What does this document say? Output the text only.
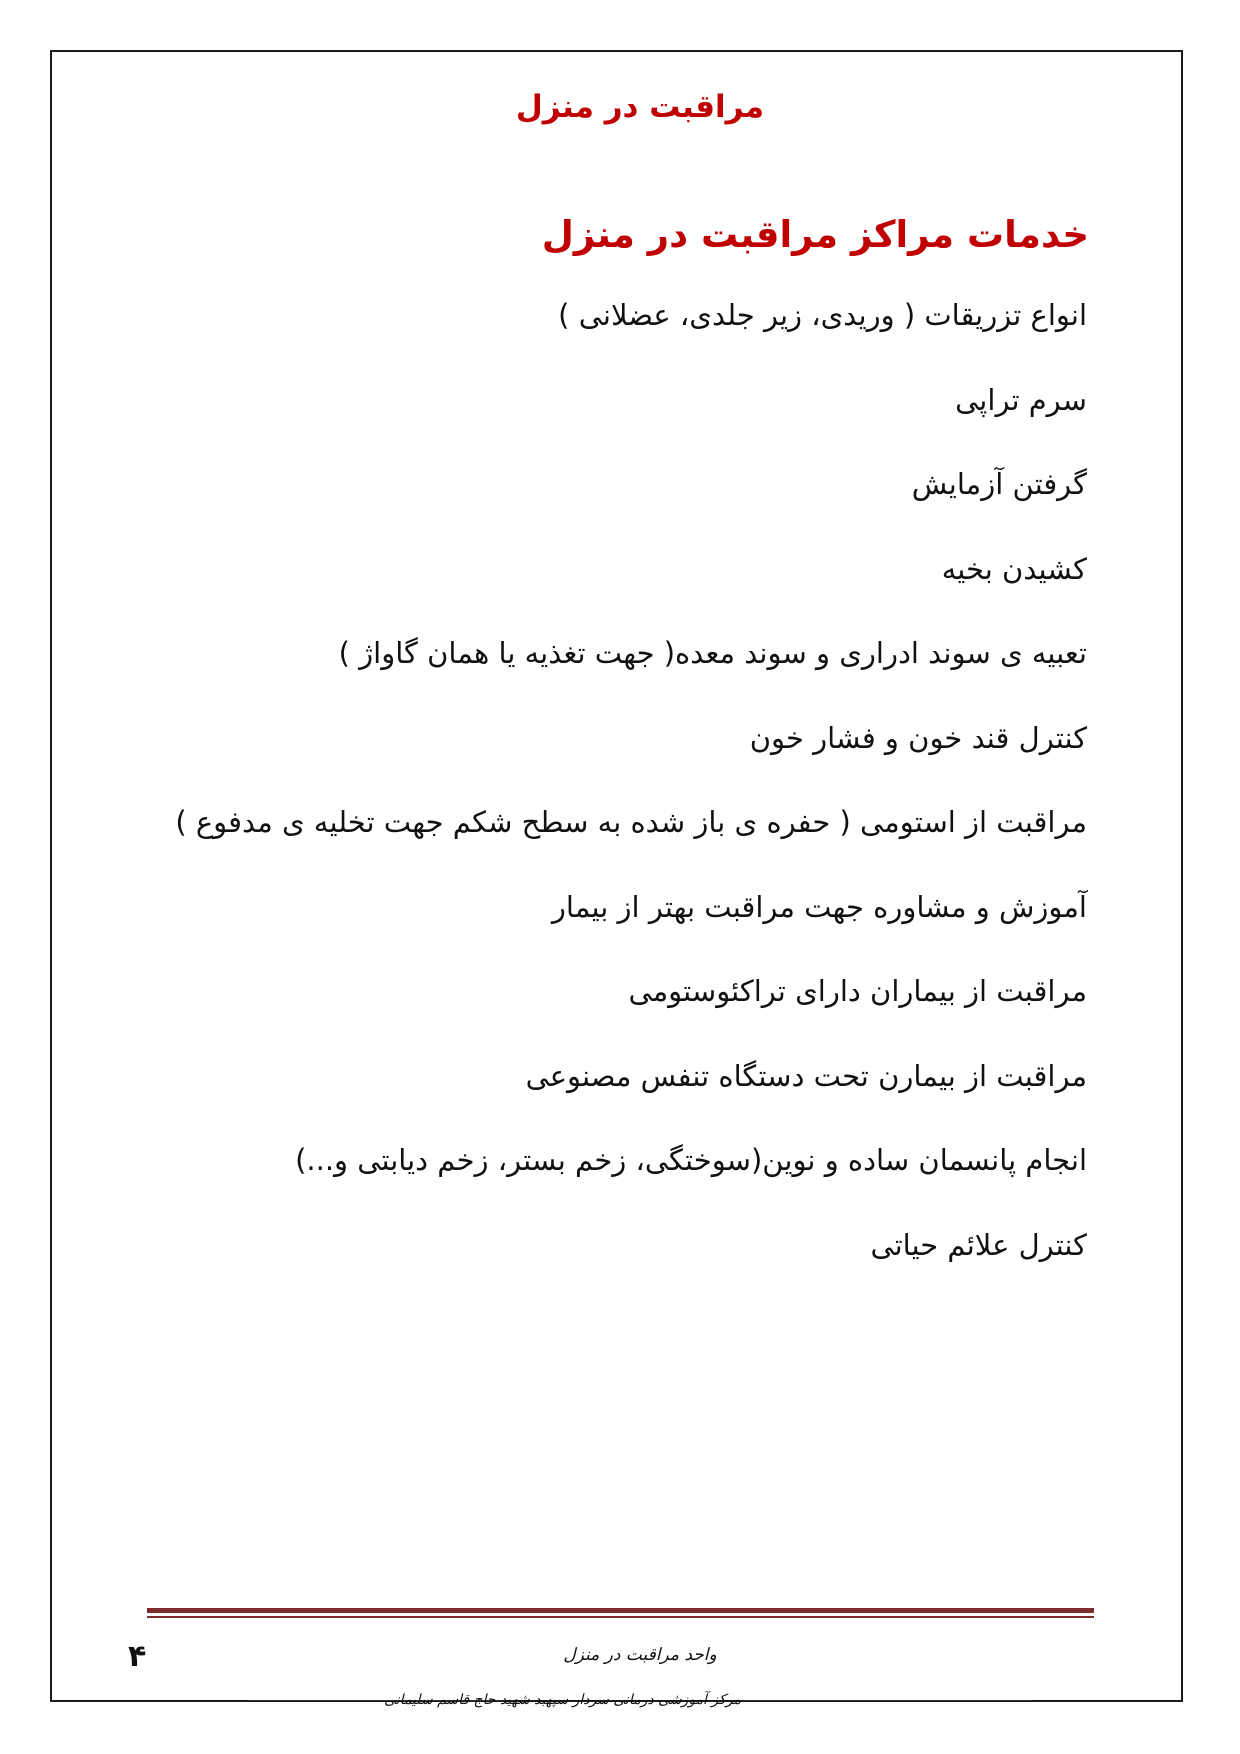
مراقبت در منزل
خدمات مراکز مراقبت در منزل
انواع تزریقات ( وریدی، زیر جلدی، عضلانی )
سرم تراپی
گرفتن آزمایش
کشیدن بخیه
تعبیه ی سوند ادراری و سوند معده( جهت تغذیه یا همان گاواژ )
کنترل قند خون و فشار خون
مراقبت از استومی ( حفره ی باز شده به سطح شکم جهت تخلیه ی مدفوع )
آموزش و مشاوره جهت مراقبت بهتر از بیمار
مراقبت از بیماران دارای تراکئوستومی
مراقبت از بیمارن تحت دستگاه تنفس مصنوعی
انجام پانسمان ساده و نوین(سوختگی، زخم بستر، زخم دیابتی و...)
کنترل علائم حیاتی
۴	واحد مراقبت در منزل
مرکز آموزشی درمانی سردار سپهبد شهید حاج قاسم سلیمانی
